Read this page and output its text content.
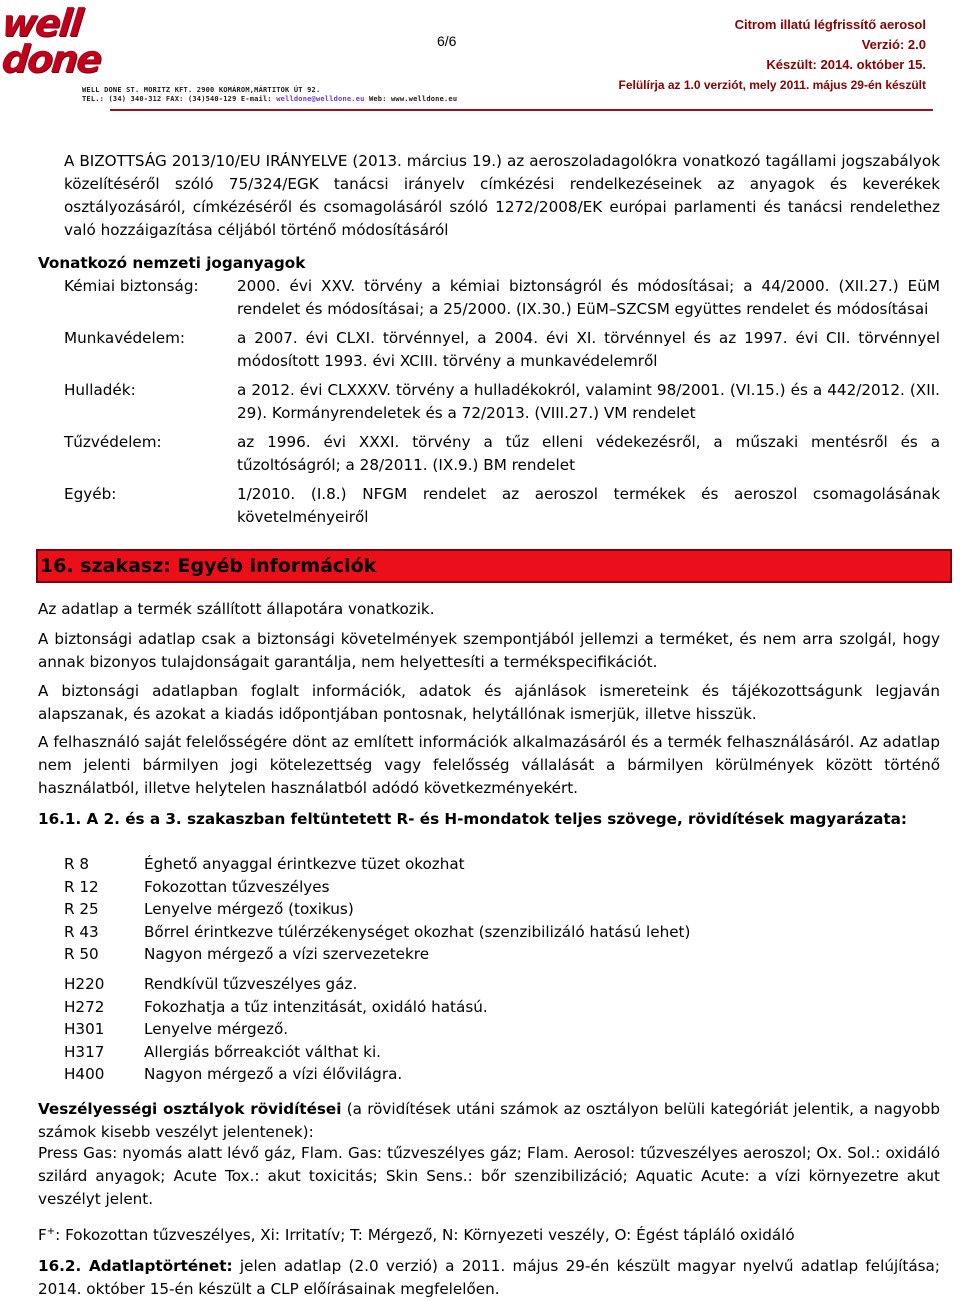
well
done
WELL DONE ST. MORITZ KFT. 2900 KOMÁROM,MÁRTITOK ÚT 92.
TEL.: (34) 340-312 FAX: (34)540-129 E-mail: welldone@welldone.eu Web: www.welldone.eu
6/6
Citrom illatú légfrissítő aerosol
Verzió: 2.0
Készült: 2014. október 15.
Felülírja az 1.0 verziót, mely 2011. május 29-én készült
A BIZOTTSÁG 2013/10/EU IRÁNYELVE (2013. március 19.) az aeroszoladagolókra vonatkozó tagállami jogszabályok közelítéséről szóló 75/324/EGK tanácsi irányelv címkézési rendelkezéseinek az anyagok és keverékek osztályozásáról, címkézéséről és csomagolásáról szóló 1272/2008/EK európai parlamenti és tanácsi rendelethez való hozzáigazítása céljából történő módosításáról
Vonatkozó nemzeti joganyagok
Kémiai biztonság:	2000. évi XXV. törvény a kémiai biztonságról és módosításai; a 44/2000. (XII.27.) EüM rendelet és módosításai; a 25/2000. (IX.30.) EüM–SZCSM együttes rendelet és módosításai
Munkavédelem:	a 2007. évi CLXI. törvénnyel, a 2004. évi XI. törvénnyel és az 1997. évi CII. törvénnyel módosított 1993. évi XCIII. törvény a munkavédelemről
Hulladék:	a 2012. évi CLXXXV. törvény a hulladékokról, valamint 98/2001. (VI.15.) és a 442/2012. (XII. 29). Kormányrendeletek és a 72/2013. (VIII.27.) VM rendelet
Tűzvédelem:	az 1996. évi XXXI. törvény a tűz elleni védekezésről, a műszaki mentésről és a tűzoltóságról; a 28/2011. (IX.9.) BM rendelet
Egyéb:	1/2010. (I.8.) NFGM rendelet az aeroszol termékek és aeroszol csomagolásának követelményeiről
16. szakasz: Egyéb információk
Az adatlap a termék szállított állapotára vonatkozik.
A biztonsági adatlap csak a biztonsági követelmények szempontjából jellemzi a terméket, és nem arra szolgál, hogy annak bizonyos tulajdonságait garantálja, nem helyettesíti a termékspecifikációt.
A biztonsági adatlapban foglalt információk, adatok és ajánlások ismereteink és tájékozottságunk legjaván alapszanak, és azokat a kiadás időpontjában pontosnak, helytállónak ismerjük, illetve hisszük.
A felhasználó saját felelősségére dönt az említett információk alkalmazásáról és a termék felhasználásáról. Az adatlap nem jelenti bármilyen jogi kötelezettség vagy felelősség vállalását a bármilyen körülmények között történő használatból, illetve helytelen használatból adódó következményekért.
16.1. A 2. és a 3. szakaszban feltüntetett R- és H-mondatok teljes szövege, rövidítések magyarázata:
R 8	Éghető anyaggal érintkezve tüzet okozhat
R 12	Fokozottan tűzveszélyes
R 25	Lenyelve mérgező (toxikus)
R 43	Bőrrel érintkezve túlérzékenységet okozhat (szenzibilizáló hatású lehet)
R 50	Nagyon mérgező a vízi szervezetekre
H220	Rendkívül tűzveszélyes gáz.
H272	Fokozhatja a tűz intenzitását, oxidáló hatású.
H301	Lenyelve mérgező.
H317	Allergiás bőrreakciót válthat ki.
H400	Nagyon mérgező a vízi élővilágra.
Veszélyességi osztályok rövidítései (a rövidítések utáni számok az osztályon belüli kategóriát jelentik, a nagyobb számok kisebb veszélyt jelentenek):
Press Gas: nyomás alatt lévő gáz, Flam. Gas: tűzveszélyes gáz; Flam. Aerosol: tűzveszélyes aeroszol; Ox. Sol.: oxidáló szilárd anyagok; Acute Tox.: akut toxicitás; Skin Sens.: bőr szenzibilizáció; Aquatic Acute: a vízi környezetre akut veszélyt jelent.
F+: Fokozottan tűzveszélyes, Xi: Irritatív; T: Mérgező, N: Környezeti veszély, O: Égést tápláló oxidáló
16.2. Adatlaptörténet: jelen adatlap (2.0 verzió) a 2011. május 29-én készült magyar nyelvű adatlap felújítása; 2014. október 15-én készült a CLP előírásainak megfelelően.
